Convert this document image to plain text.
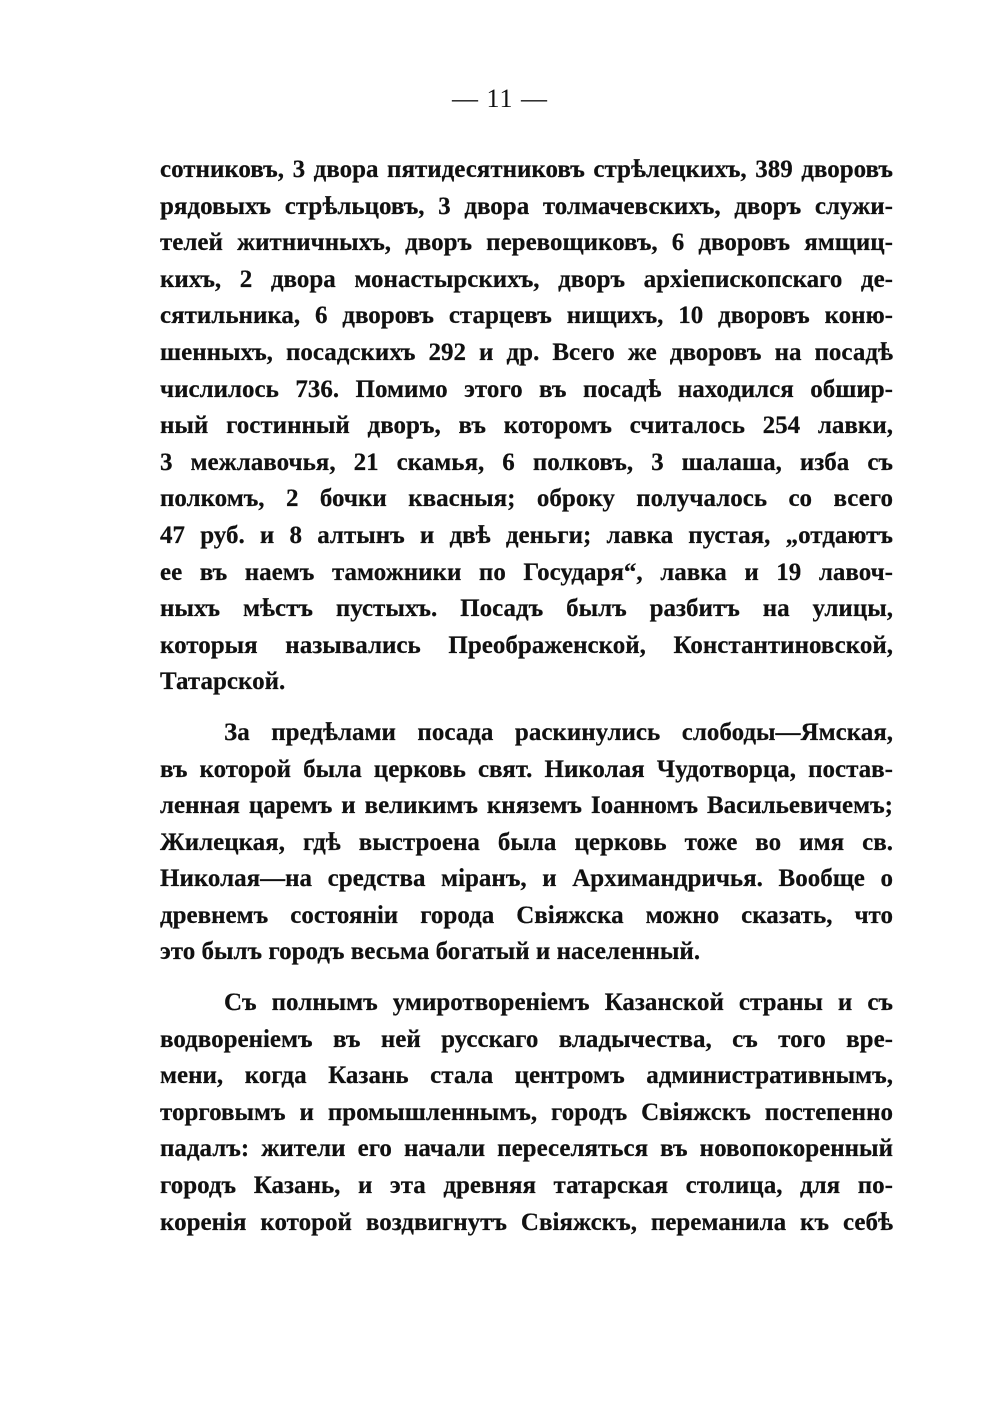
— 11 —
сотниковъ, 3 двора пятидесятниковъ стрѣлецкихъ, 389 дворовъ
рядовыхъ стрѣльцовъ, 3 двора толмачевскихъ, дворъ служи-
телей житничныхъ, дворъ перевощиковъ, 6 дворовъ ямщиц-
кихъ, 2 двора монастырскихъ, дворъ архіепископскаго де-
сятильника, 6 дворовъ старцевъ нищихъ, 10 дворовъ коню-
шенныхъ, посадскихъ 292 и др. Всего же дворовъ на посадѣ
числилось 736. Помимо этого въ посадѣ находился обшир-
ный гостинный дворъ, въ которомъ считалось 254 лавки,
3 межлавочья, 21 скамья, 6 полковъ, 3 шалаша, изба съ
полкомъ, 2 бочки квасныя; оброку получалось со всего
47 руб. и 8 алтынъ и двѣ деньги; лавка пустая, „отдаютъ
ее въ наемъ таможники по Государя“, лавка и 19 лавоч-
ныхъ мѣстъ пустыхъ. Посадъ былъ разбитъ на улицы,
которыя назывались Преображенской, Константиновской,
Татарской.
За предѣлами посада раскинулись слободы—Ямская,
въ которой была церковь свят. Николая Чудотворца, постав-
ленная царемъ и великимъ княземъ Іоанномъ Васильевичемъ;
Жилецкая, гдѣ выстроена была церковь тоже во имя св.
Николая—на средства міранъ, и Архимандричья. Вообще о
древнемъ состояніи города Свіяжска можно сказать, что
это былъ городъ весьма богатый и населенный.
Съ полнымъ умиротвореніемъ Казанской страны и съ
водвореніемъ въ ней русскаго владычества, съ того вре-
мени, когда Казань стала центромъ административнымъ,
торговымъ и промышленнымъ, городъ Свіяжскъ постепенно
падалъ: жители его начали переселяться въ новопокоренный
городъ Казань, и эта древняя татарская столица, для по-
коренія которой воздвигнутъ Свіяжскъ, переманила къ себѣ
